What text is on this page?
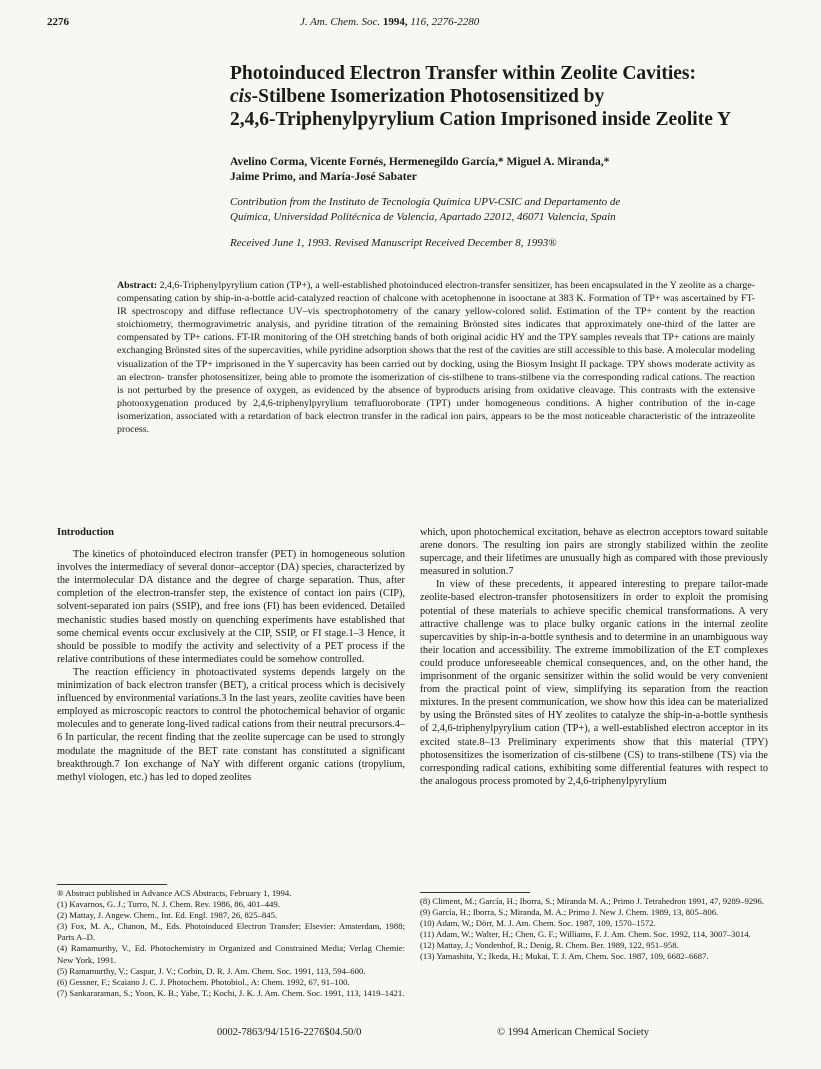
2276	J. Am. Chem. Soc. 1994, 116, 2276-2280
Photoinduced Electron Transfer within Zeolite Cavities:
cis-Stilbene Isomerization Photosensitized by
2,4,6-Triphenylpyrylium Cation Imprisoned inside Zeolite Y
Avelino Corma, Vicente Fornés, Hermenegildo García,* Miguel A. Miranda,*
Jaime Primo, and María-José Sabater
Contribution from the Instituto de Tecnología Química UPV-CSIC and Departamento de
Química, Universidad Politécnica de Valencia, Apartado 22012, 46071 Valencia, Spain
Received June 1, 1993. Revised Manuscript Received December 8, 1993®
Abstract: 2,4,6-Triphenylpyrylium cation (TP+), a well-established photoinduced electron-transfer sensitizer, has been encapsulated in the Y zeolite as a charge-compensating cation by ship-in-a-bottle acid-catalyzed reaction of chalcone with acetophenone in isooctane at 383 K. Formation of TP+ was ascertained by FT-IR spectroscopy and diffuse reflectance UV–vis spectrophotometry of the canary yellow-colored solid. Estimation of the TP+ content by the reaction stoichiometry, thermogravimetric analysis, and pyridine titration of the remaining Brönsted sites indicates that approximately one-third of the latter are compensated by TP+ cations. FT-IR monitoring of the OH stretching bands of both original acidic HY and the TPY samples reveals that TP+ cations are mainly exchanging Brönsted sites of the supercavities, while pyridine adsorption shows that the rest of the cavities are still accessible to this base. A molecular modeling visualization of the TP+ imprisoned in the Y supercavity has been carried out by docking, using the Biosym Insight II package. TPY shows moderate activity as an electron- transfer photosensitizer, being able to promote the isomerization of cis-stilbene to trans-stilbene via the corresponding radical cations. The reaction is not perturbed by the presence of oxygen, as evidenced by the absence of byproducts arising from oxidative cleavage. This contrasts with the extensive photooxygenation produced by 2,4,6-triphenylpyrylium tetrafluoroborate (TPT) under homogeneous conditions. A higher contribution of the in-cage isomerization, associated with a retardation of back electron transfer in the radical ion pairs, appears to be the most noticeable characteristic of the intrazeolite process.

Introduction

The kinetics of photoinduced electron transfer (PET) in homogeneous solution involves the intermediacy of several donor–acceptor (DA) species, characterized by the intermolecular DA distance and the degree of charge separation. Thus, after completion of the electron-transfer step, the existence of contact ion pairs (CIP), solvent-separated ion pairs (SSIP), and free ions (FI) has been evidenced. Detailed mechanistic studies based mostly on quenching experiments have established that some chemical events occur exclusively at the CIP, SSIP, or FI stage.1–3 Hence, it should be possible to modify the activity and selectivity of a PET process if the relative contributions of these intermediates could be somehow controlled.

The reaction efficiency in photoactivated systems depends largely on the minimization of back electron transfer (BET), a critical process which is decisively influenced by environmental variations.3 In the last years, zeolite cavities have been employed as microscopic reactors to control the photochemical behavior of organic molecules and to generate long-lived radical cations from their neutral precursors.4–6 In particular, the recent finding that the zeolite supercage can be used to strongly modulate the magnitude of the BET rate constant has constituted a significant breakthrough.7 Ion exchange of NaY with different organic cations (tropylium, methyl viologen, etc.) has led to doped zeolites

which, upon photochemical excitation, behave as electron acceptors toward suitable arene donors. The resulting ion pairs are strongly stabilized within the zeolite supercage, and their lifetimes are unusually high as compared with those previously measured in solution.7

In view of these precedents, it appeared interesting to prepare tailor-made zeolite-based electron-transfer photosensitizers in order to exploit the promising potential of these materials to achieve specific chemical transformations. A very attractive challenge was to place bulky organic cations in the internal zeolite supercavities by ship-in-a-bottle synthesis and to determine in an unambiguous way their location and accessibility. The extreme immobilization of the ET complexes could produce unforeseeable chemical consequences, and, on the other hand, the imprisonment of the organic sensitizer within the solid would be very convenient from the practical point of view, simplifying its separation from the reaction mixtures. In the present communication, we show how this idea can be materialized by using the Brönsted sites of HY zeolites to catalyze the ship-in-a-bottle synthesis of 2,4,6-triphenylpyrylium cation (TP+), a well-established electron acceptor in its excited state.8–13 Preliminary experiments show that this material (TPY) photosensitizes the isomerization of cis-stilbene (CS) to trans-stilbene (TS) via the corresponding radical cations, exhibiting some differential features with respect to the analogous process promoted by 2,4,6-triphenylpyrylium

® Abstract published in Advance ACS Abstracts, February 1, 1994.
(1) Kavarnos, G. J.; Turro, N. J. Chem. Rev. 1986, 86, 401–449.
(2) Mattay, J. Angew. Chem., Int. Ed. Engl. 1987, 26, 825–845.
(3) Fox, M. A., Chanon, M., Eds. Photoinduced Electron Transfer; Elsevier: Amsterdam, 1988; Parts A–D.
(4) Ramamurthy, V., Ed. Photochemistry in Organized and Constrained Media; Verlag Chemie: New York, 1991.
(5) Ramamurthy, V.; Caspar, J. V.; Corbin, D. R. J. Am. Chem. Soc. 1991, 113, 594–600.
(6) Gessner, F.; Scaiano J. C. J. Photochem. Photobiol., A: Chem. 1992, 67, 91–100.
(7) Sankararaman, S.; Yoon, K. B.; Yabe, T.; Kochi, J. K. J. Am. Chem. Soc. 1991, 113, 1419–1421.
(8) Climent, M.; García, H.; Iborra, S.; Miranda M. A.; Primo J. Tetrahedron 1991, 47, 9289–9296.
(9) García, H.; Iborra, S.; Miranda, M. A.; Primo J. New J. Chem. 1989, 13, 805–806.
(10) Adam, W.; Dörr, M. J. Am. Chem. Soc. 1987, 109, 1570–1572.
(11) Adam, W.; Walter, H.; Chen, G. F.; Williams, F. J. Am. Chem. Soc. 1992, 114, 3007–3014.
(12) Mattay, J.; Vondenhof, R.; Denig, R. Chem. Ber. 1989, 122, 951–958.
(13) Yamashita, Y.; Ikeda, H.; Mukai, T. J. Am. Chem. Soc. 1987, 109, 6682–6687.
0002-7863/94/1516-2276$04.50/0	© 1994 American Chemical Society
